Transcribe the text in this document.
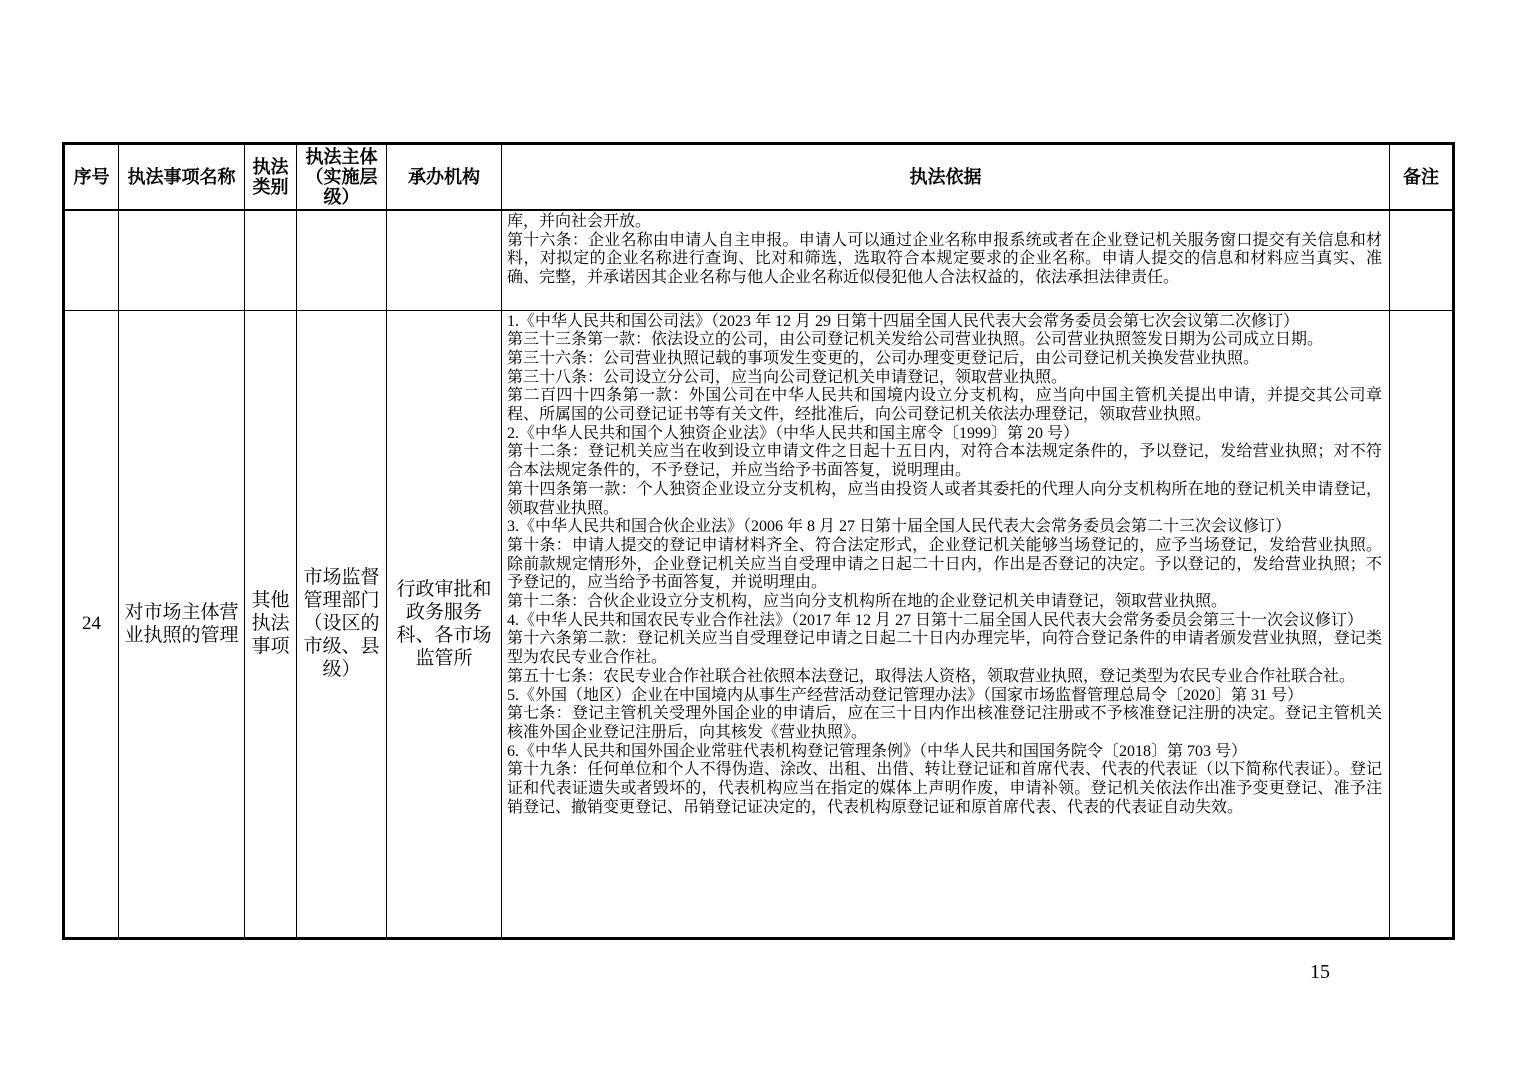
序号	执法事项名称	执法类别	执法主体（实施层级）	承办机构	执法依据	备注

					库，并向社会开放。
第十六条：企业名称由申请人自主申报。申请人可以通过企业名称申报系统或者在企业登记机关服务窗口提交有关信息和材料，对拟定的企业名称进行查询、比对和筛选，选取符合本规定要求的企业名称。申请人提交的信息和材料应当真实、准确、完整，并承诺因其企业名称与他人企业名称近似侵犯他人合法权益的，依法承担法律责任。	

24	对市场主体营业执照的管理	其他执法事项	市场监督管理部门（设区的市级、县级）	行政审批和政务服务科、各市场监管所	
1.《中华人民共和国公司法》（2023 年 12 月 29 日第十四届全国人民代表大会常务委员会第七次会议第二次修订）
第三十三条第一款：依法设立的公司，由公司登记机关发给公司营业执照。公司营业执照签发日期为公司成立日期。
第三十六条：公司营业执照记载的事项发生变更的，公司办理变更登记后，由公司登记机关换发营业执照。
第三十八条：公司设立分公司，应当向公司登记机关申请登记，领取营业执照。
第二百四十四条第一款：外国公司在中华人民共和国境内设立分支机构，应当向中国主管机关提出申请，并提交其公司章程、所属国的公司登记证书等有关文件，经批准后，向公司登记机关依法办理登记，领取营业执照。
2.《中华人民共和国个人独资企业法》（中华人民共和国主席令〔1999〕第 20 号）
第十二条：登记机关应当在收到设立申请文件之日起十五日内，对符合本法规定条件的，予以登记，发给营业执照；对不符合本法规定条件的，不予登记，并应当给予书面答复，说明理由。
第十四条第一款：个人独资企业设立分支机构，应当由投资人或者其委托的代理人向分支机构所在地的登记机关申请登记，领取营业执照。
3.《中华人民共和国合伙企业法》（2006 年 8 月 27 日第十届全国人民代表大会常务委员会第二十三次会议修订）
第十条：申请人提交的登记申请材料齐全、符合法定形式，企业登记机关能够当场登记的，应予当场登记，发给营业执照。除前款规定情形外，企业登记机关应当自受理申请之日起二十日内，作出是否登记的决定。予以登记的，发给营业执照；不予登记的，应当给予书面答复，并说明理由。
第十二条：合伙企业设立分支机构，应当向分支机构所在地的企业登记机关申请登记，领取营业执照。
4.《中华人民共和国农民专业合作社法》（2017 年 12 月 27 日第十二届全国人民代表大会常务委员会第三十一次会议修订）
第十六条第二款：登记机关应当自受理登记申请之日起二十日内办理完毕，向符合登记条件的申请者颁发营业执照，登记类型为农民专业合作社。
第五十七条：农民专业合作社联合社依照本法登记，取得法人资格，领取营业执照，登记类型为农民专业合作社联合社。
5.《外国（地区）企业在中国境内从事生产经营活动登记管理办法》（国家市场监督管理总局令〔2020〕第 31 号）
第七条：登记主管机关受理外国企业的申请后，应在三十日内作出核准登记注册或不予核准登记注册的决定。登记主管机关核准外国企业登记注册后，向其核发《营业执照》。
6.《中华人民共和国外国企业常驻代表机构登记管理条例》（中华人民共和国国务院令〔2018〕第 703 号）
第十九条：任何单位和个人不得伪造、涂改、出租、出借、转让登记证和首席代表、代表的代表证（以下简称代表证）。登记证和代表证遗失或者毁坏的，代表机构应当在指定的媒体上声明作废，申请补领。登记机关依法作出准予变更登记、准予注销登记、撤销变更登记、吊销登记证决定的，代表机构原登记证和原首席代表、代表的代表证自动失效。

15
